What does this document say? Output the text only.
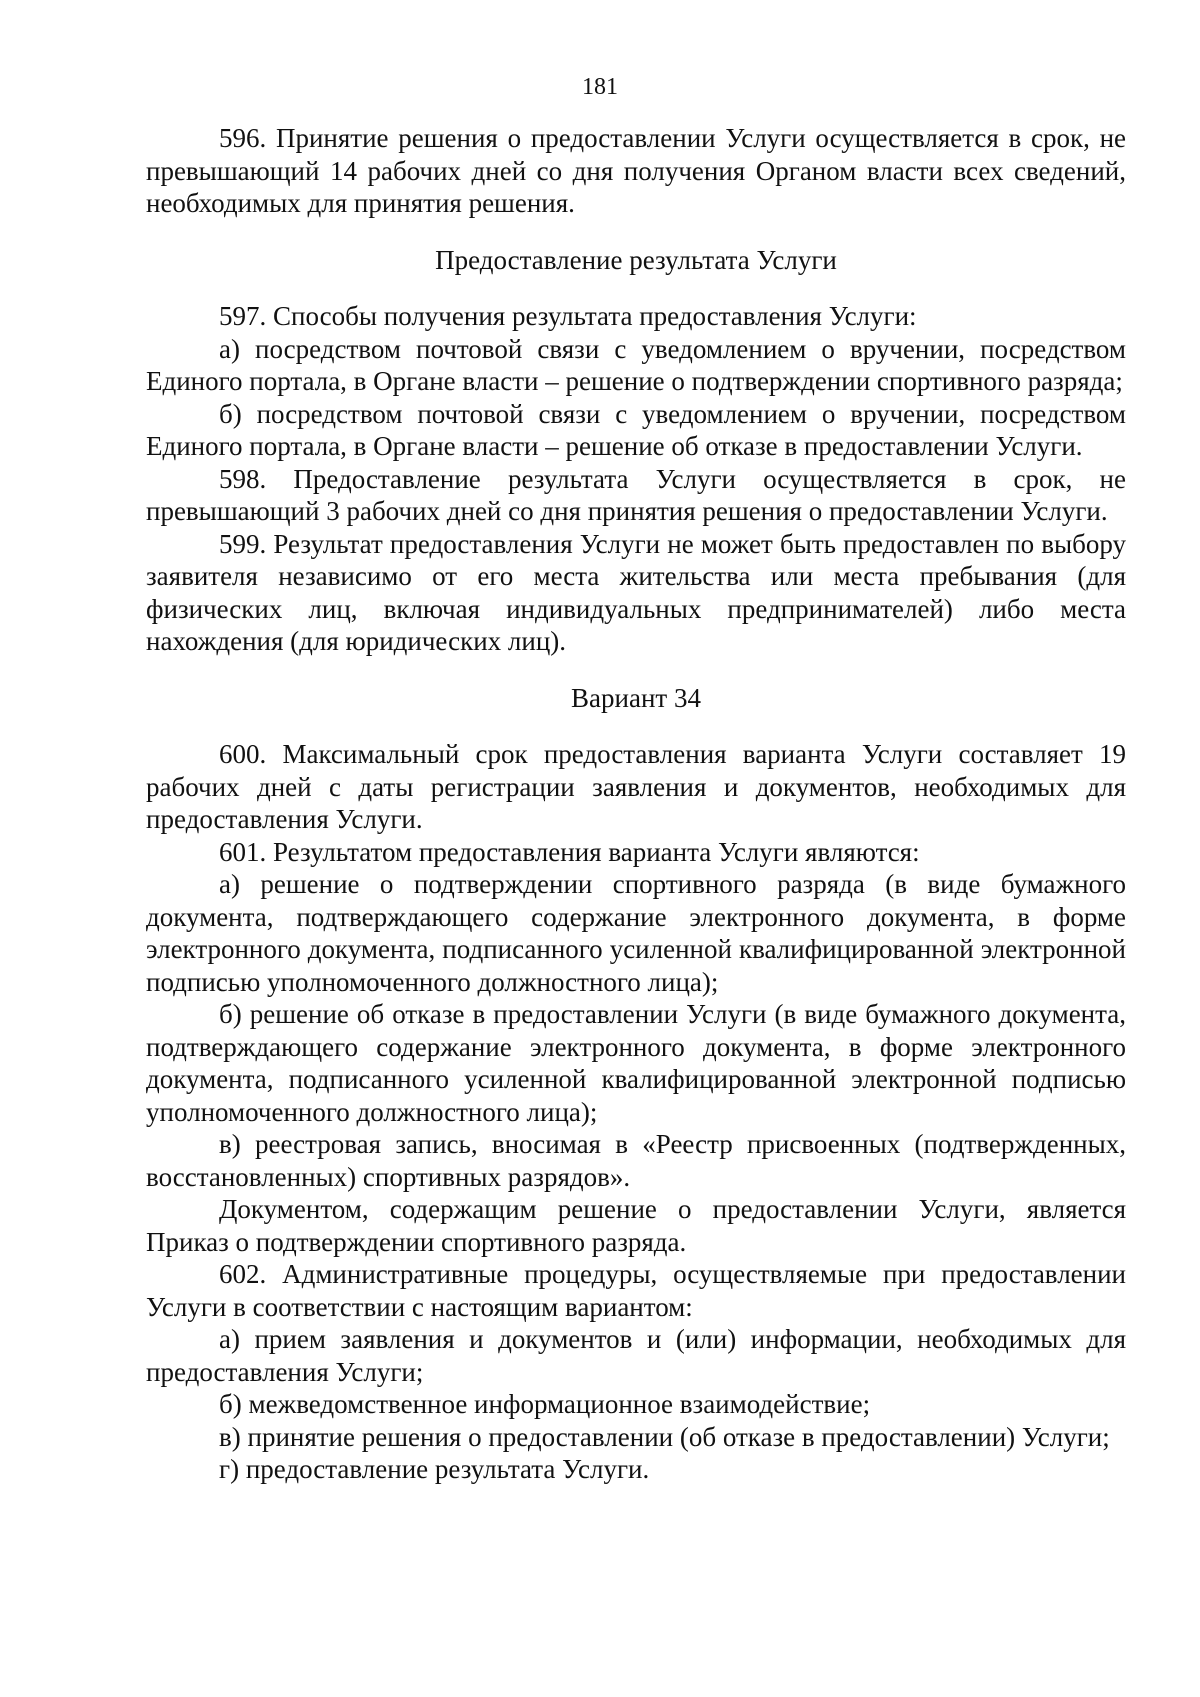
181

596. Принятие решения о предоставлении Услуги осуществляется в срок, не превышающий 14 рабочих дней со дня получения Органом власти всех сведений, необходимых для принятия решения.

Предоставление результата Услуги

597. Способы получения результата предоставления Услуги:

а) посредством почтовой связи с уведомлением о вручении, посредством Единого портала, в Органе власти – решение о подтверждении спортивного разряда;

б) посредством почтовой связи с уведомлением о вручении, посредством Единого портала, в Органе власти – решение об отказе в предоставлении Услуги.

598. Предоставление результата Услуги осуществляется в срок, не превышающий 3 рабочих дней со дня принятия решения о предоставлении Услуги.

599. Результат предоставления Услуги не может быть предоставлен по выбору заявителя независимо от его места жительства или места пребывания (для физических лиц, включая индивидуальных предпринимателей) либо места нахождения (для юридических лиц).

Вариант 34

600. Максимальный срок предоставления варианта Услуги составляет 19 рабочих дней с даты регистрации заявления и документов, необходимых для предоставления Услуги.

601. Результатом предоставления варианта Услуги являются:

а) решение о подтверждении спортивного разряда (в виде бумажного документа, подтверждающего содержание электронного документа, в форме электронного документа, подписанного усиленной квалифицированной электронной подписью уполномоченного должностного лица);

б) решение об отказе в предоставлении Услуги (в виде бумажного документа, подтверждающего содержание электронного документа, в форме электронного документа, подписанного усиленной квалифицированной электронной подписью уполномоченного должностного лица);

в) реестровая запись, вносимая в «Реестр присвоенных (подтвержденных, восстановленных) спортивных разрядов».

Документом, содержащим решение о предоставлении Услуги, является Приказ о подтверждении спортивного разряда.

602. Административные процедуры, осуществляемые при предоставлении Услуги в соответствии с настоящим вариантом:

а) прием заявления и документов и (или) информации, необходимых для предоставления Услуги;

б) межведомственное информационное взаимодействие;

в) принятие решения о предоставлении (об отказе в предоставлении) Услуги;

г) предоставление результата Услуги.
